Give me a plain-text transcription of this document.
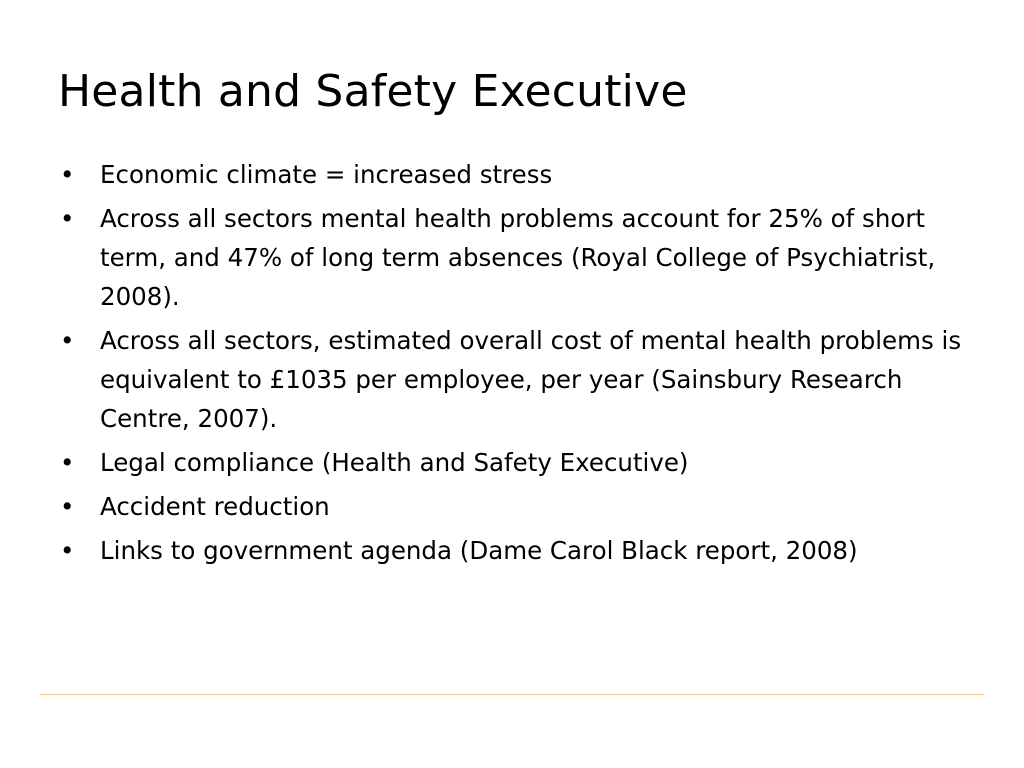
Health and Safety Executive
• Economic climate = increased stress
• Across all sectors mental health problems account for 25% of short term, and 47% of long term absences (Royal College of Psychiatrist, 2008).
• Across all sectors, estimated overall cost of mental health problems is equivalent to £1035 per employee, per year (Sainsbury Research Centre, 2007).
• Legal compliance (Health and Safety Executive)
• Accident reduction
• Links to government agenda (Dame Carol Black report, 2008)
